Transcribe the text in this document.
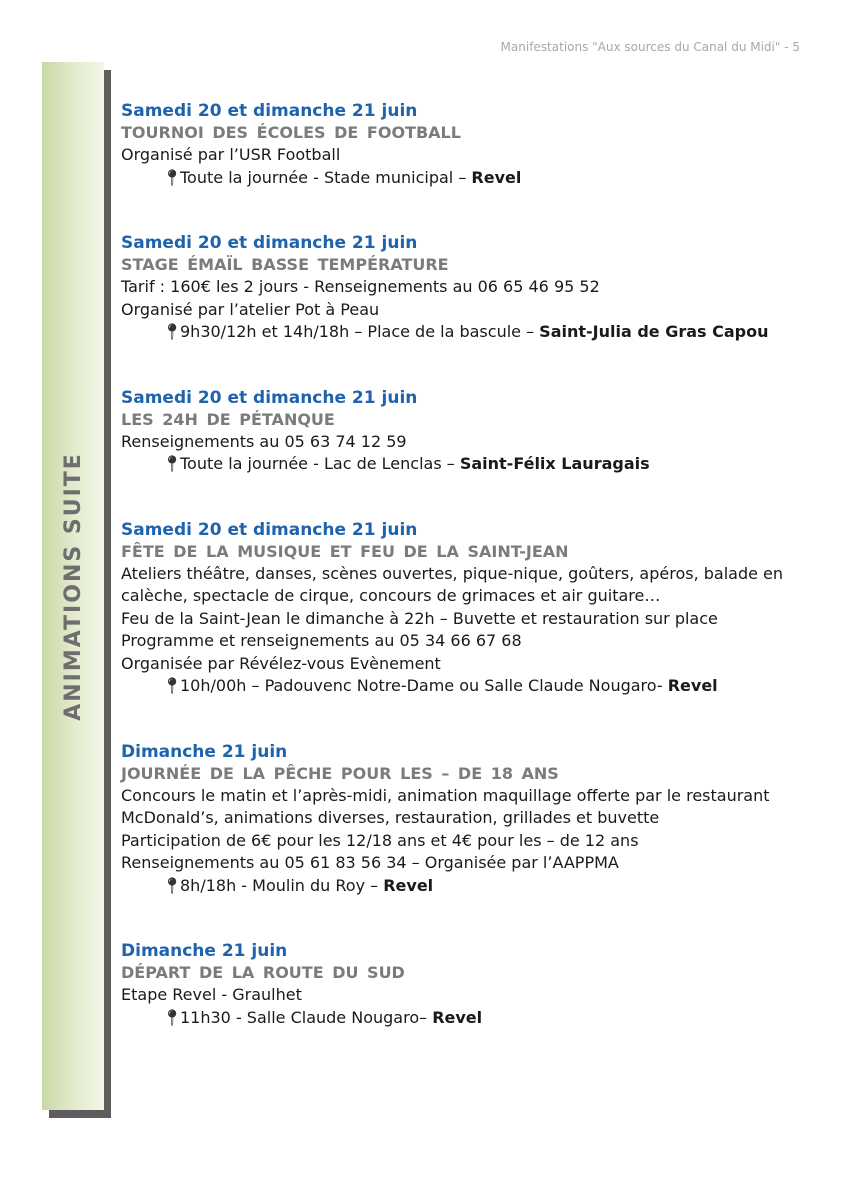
Manifestations "Aux sources du Canal du Midi" - 5
ANIMATIONS SUITE

Samedi 20 et dimanche 21 juin

TOURNOI DES ÉCOLES DE FOOTBALL

Organisé par l’USR Football

📍︎Toute la journée - Stade municipal – Revel

Samedi 20 et dimanche 21 juin

STAGE ÉMAÏL BASSE TEMPÉRATURE

Tarif : 160€ les 2 jours - Renseignements au 06 65 46 95 52

Organisé par l’atelier Pot à Peau

📍︎9h30/12h et 14h/18h – Place de la bascule – Saint-Julia de Gras Capou

Samedi 20 et dimanche 21 juin

LES 24H DE PÉTANQUE

Renseignements au 05 63 74 12 59

📍︎Toute la journée - Lac de Lenclas – Saint-Félix Lauragais

Samedi 20 et dimanche 21 juin

FÊTE DE LA MUSIQUE ET FEU DE LA SAINT-JEAN

Ateliers théâtre, danses, scènes ouvertes, pique-nique, goûters, apéros, balade en calèche, spectacle de cirque, concours de grimaces et air guitare…

Feu de la Saint-Jean le dimanche à 22h – Buvette et restauration sur place

Programme et renseignements au 05 34 66 67 68

Organisée par Révélez-vous Evènement

📍︎10h/00h – Padouvenc Notre-Dame ou Salle Claude Nougaro- Revel

Dimanche 21 juin

JOURNÉE DE LA PÊCHE POUR LES – DE 18 ANS

Concours le matin et l’après-midi, animation maquillage offerte par le restaurant McDonald’s, animations diverses, restauration, grillades et buvette

Participation de 6€ pour les 12/18 ans et 4€ pour les – de 12 ans

Renseignements au 05 61 83 56 34 – Organisée par l’AAPPMA

📍︎8h/18h - Moulin du Roy – Revel

Dimanche 21 juin

DÉPART DE LA ROUTE DU SUD

Etape Revel - Graulhet

📍︎11h30 - Salle Claude Nougaro– Revel
